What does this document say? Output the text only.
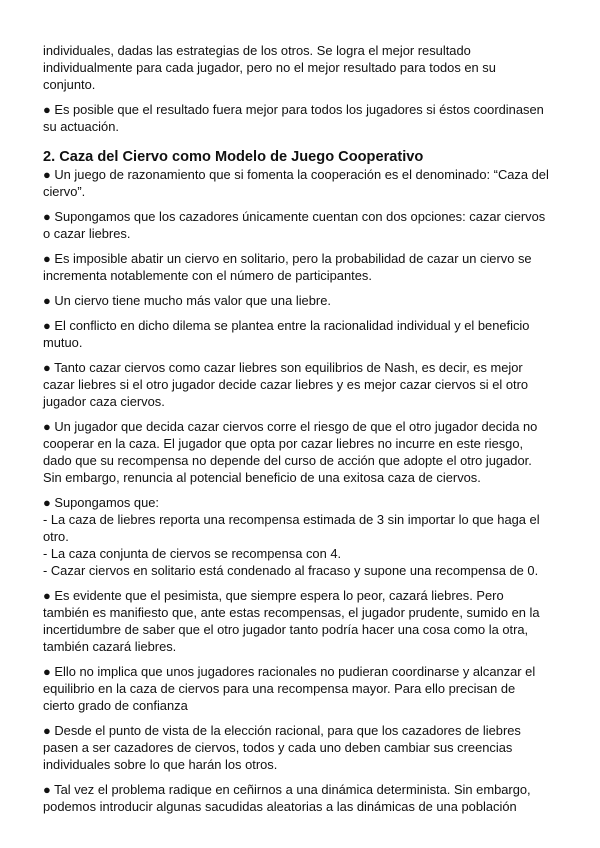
individuales, dadas las estrategias de los otros. Se logra el mejor resultado
individualmente para cada jugador, pero no el mejor resultado para todos en su
conjunto.
● Es posible que el resultado fuera mejor para todos los jugadores si éstos coordinasen
su actuación.
2. Caza del Ciervo como Modelo de Juego Cooperativo
● Un juego de razonamiento que si fomenta la cooperación es el denominado: “Caza del
ciervo”.
● Supongamos que los cazadores únicamente cuentan con dos opciones: cazar ciervos
o cazar liebres.
● Es imposible abatir un ciervo en solitario, pero la probabilidad de cazar un ciervo se
incrementa notablemente con el número de participantes.
● Un ciervo tiene mucho más valor que una liebre.
● El conflicto en dicho dilema se plantea entre la racionalidad individual y el beneficio
mutuo.
● Tanto cazar ciervos como cazar liebres son equilibrios de Nash, es decir, es mejor
cazar liebres si el otro jugador decide cazar liebres y es mejor cazar ciervos si el otro
jugador caza ciervos.
● Un jugador que decida cazar ciervos corre el riesgo de que el otro jugador decida no
cooperar en la caza. El jugador que opta por cazar liebres no incurre en este riesgo,
dado que su recompensa no depende del curso de acción que adopte el otro jugador.
Sin embargo, renuncia al potencial beneficio de una exitosa caza de ciervos.
● Supongamos que:
- La caza de liebres reporta una recompensa estimada de 3 sin importar lo que haga el
otro.
- La caza conjunta de ciervos se recompensa con 4.
- Cazar ciervos en solitario está condenado al fracaso y supone una recompensa de 0.
● Es evidente que el pesimista, que siempre espera lo peor, cazará liebres. Pero
también es manifiesto que, ante estas recompensas, el jugador prudente, sumido en la
incertidumbre de saber que el otro jugador tanto podría hacer una cosa como la otra,
también cazará liebres.
● Ello no implica que unos jugadores racionales no pudieran coordinarse y alcanzar el
equilibrio en la caza de ciervos para una recompensa mayor. Para ello precisan de
cierto grado de confianza
● Desde el punto de vista de la elección racional, para que los cazadores de liebres
pasen a ser cazadores de ciervos, todos y cada uno deben cambiar sus creencias
individuales sobre lo que harán los otros.
● Tal vez el problema radique en ceñirnos a una dinámica determinista. Sin embargo,
podemos introducir algunas sacudidas aleatorias a las dinámicas de una población
